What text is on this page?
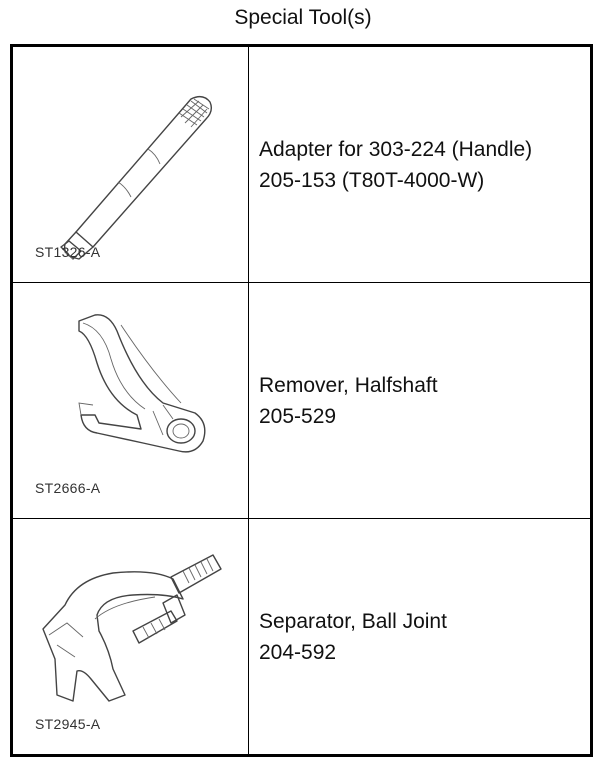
Special Tool(s)
ST1326-A
Adapter for 303-224 (Handle)
205-153 (T80T-4000-W)
ST2666-A
Remover, Halfshaft
205-529
ST2945-A
Separator, Ball Joint
204-592
